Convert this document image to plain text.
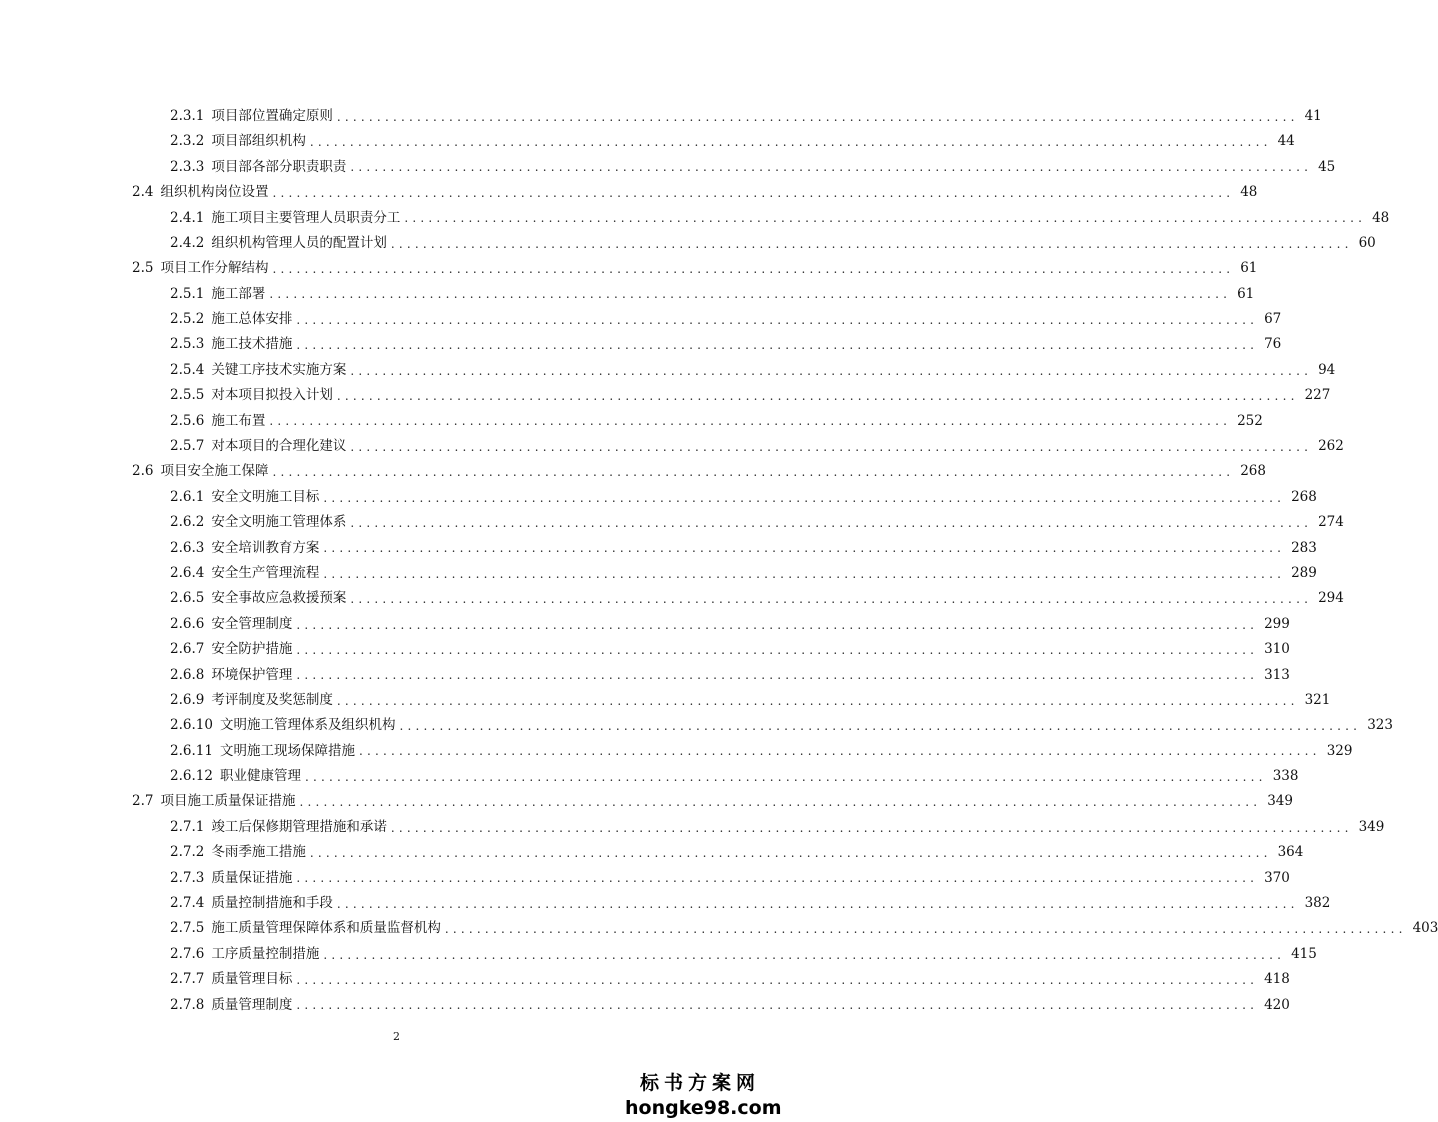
2.3.1 项目部位置确定原则 ........................................................................................................................ 41
2.3.2 项目部组织机构 ........................................................................................................................ 44
2.3.3 项目部各部分职责职责 ........................................................................................................................ 45
2.4 组织机构岗位设置 ........................................................................................................................ 48
2.4.1 施工项目主要管理人员职责分工 ........................................................................................................................ 48
2.4.2 组织机构管理人员的配置计划 ........................................................................................................................ 60
2.5 项目工作分解结构 ........................................................................................................................ 61
2.5.1 施工部署 ........................................................................................................................ 61
2.5.2 施工总体安排 ........................................................................................................................ 67
2.5.3 施工技术措施 ........................................................................................................................ 76
2.5.4 关键工序技术实施方案 ........................................................................................................................ 94
2.5.5 对本项目拟投入计划 ........................................................................................................................ 227
2.5.6 施工布置 ........................................................................................................................ 252
2.5.7 对本项目的合理化建议 ........................................................................................................................ 262
2.6 项目安全施工保障 ........................................................................................................................ 268
2.6.1 安全文明施工目标 ........................................................................................................................ 268
2.6.2 安全文明施工管理体系 ........................................................................................................................ 274
2.6.3 安全培训教育方案 ........................................................................................................................ 283
2.6.4 安全生产管理流程 ........................................................................................................................ 289
2.6.5 安全事故应急救援预案 ........................................................................................................................ 294
2.6.6 安全管理制度 ........................................................................................................................ 299
2.6.7 安全防护措施 ........................................................................................................................ 310
2.6.8 环境保护管理 ........................................................................................................................ 313
2.6.9 考评制度及奖惩制度 ........................................................................................................................ 321
2.6.10 文明施工管理体系及组织机构 ........................................................................................................................ 323
2.6.11 文明施工现场保障措施 ........................................................................................................................ 329
2.6.12 职业健康管理 ........................................................................................................................ 338
2.7 项目施工质量保证措施 ........................................................................................................................ 349
2.7.1 竣工后保修期管理措施和承诺 ........................................................................................................................ 349
2.7.2 冬雨季施工措施 ........................................................................................................................ 364
2.7.3 质量保证措施 ........................................................................................................................ 370
2.7.4 质量控制措施和手段 ........................................................................................................................ 382
2.7.5 施工质量管理保障体系和质量监督机构 ........................................................................................................................ 403
2.7.6 工序质量控制措施 ........................................................................................................................ 415
2.7.7 质量管理目标 ........................................................................................................................ 418
2.7.8 质量管理制度 ........................................................................................................................ 420
2
标书方案网
hongke98.com
